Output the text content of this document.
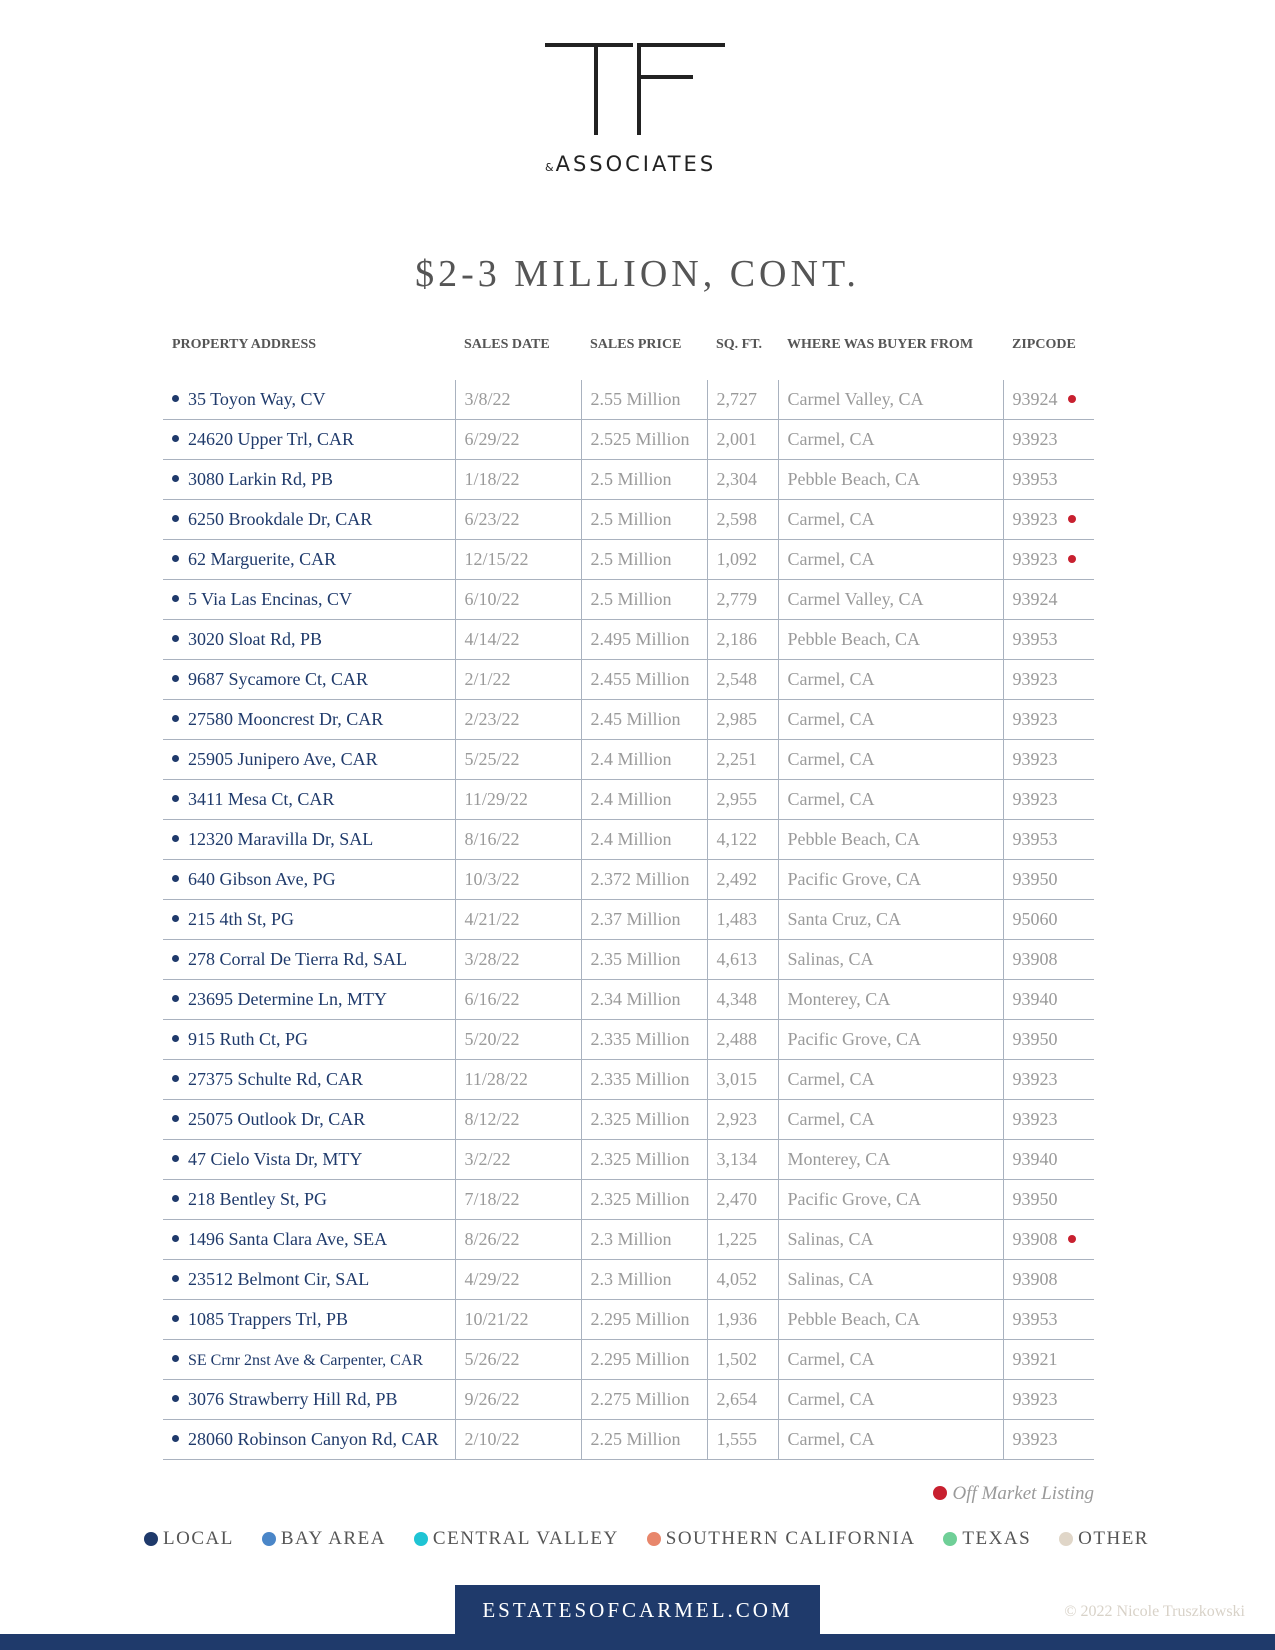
&ASSOCIATES
$2-3 MILLION, CONT.
PROPERTY ADDRESS	SALES DATE	SALES PRICE	SQ. FT.	WHERE WAS BUYER FROM	ZIPCODE
35 Toyon Way, CV	3/8/22	2.55 Million	2,727	Carmel Valley, CA	93924
24620 Upper Trl, CAR	6/29/22	2.525 Million	2,001	Carmel, CA	93923
3080 Larkin Rd, PB	1/18/22	2.5 Million	2,304	Pebble Beach, CA	93953
6250 Brookdale Dr, CAR	6/23/22	2.5 Million	2,598	Carmel, CA	93923
62 Marguerite, CAR	12/15/22	2.5 Million	1,092	Carmel, CA	93923
5 Via Las Encinas, CV	6/10/22	2.5 Million	2,779	Carmel Valley, CA	93924
3020 Sloat Rd, PB	4/14/22	2.495 Million	2,186	Pebble Beach, CA	93953
9687 Sycamore Ct, CAR	2/1/22	2.455 Million	2,548	Carmel, CA	93923
27580 Mooncrest Dr, CAR	2/23/22	2.45 Million	2,985	Carmel, CA	93923
25905 Junipero Ave, CAR	5/25/22	2.4 Million	2,251	Carmel, CA	93923
3411 Mesa Ct, CAR	11/29/22	2.4 Million	2,955	Carmel, CA	93923
12320 Maravilla Dr, SAL	8/16/22	2.4 Million	4,122	Pebble Beach, CA	93953
640 Gibson Ave, PG	10/3/22	2.372 Million	2,492	Pacific Grove, CA	93950
215 4th St, PG	4/21/22	2.37 Million	1,483	Santa Cruz, CA	95060
278 Corral De Tierra Rd, SAL	3/28/22	2.35 Million	4,613	Salinas, CA	93908
23695 Determine Ln, MTY	6/16/22	2.34 Million	4,348	Monterey, CA	93940
915 Ruth Ct, PG	5/20/22	2.335 Million	2,488	Pacific Grove, CA	93950
27375 Schulte Rd, CAR	11/28/22	2.335 Million	3,015	Carmel, CA	93923
25075 Outlook Dr, CAR	8/12/22	2.325 Million	2,923	Carmel, CA	93923
47 Cielo Vista Dr, MTY	3/2/22	2.325 Million	3,134	Monterey, CA	93940
218 Bentley St, PG	7/18/22	2.325 Million	2,470	Pacific Grove, CA	93950
1496 Santa Clara Ave, SEA	8/26/22	2.3 Million	1,225	Salinas, CA	93908
23512 Belmont Cir, SAL	4/29/22	2.3 Million	4,052	Salinas, CA	93908
1085 Trappers Trl, PB	10/21/22	2.295 Million	1,936	Pebble Beach, CA	93953
SE Crnr 2nst Ave & Carpenter, CAR	5/26/22	2.295 Million	1,502	Carmel, CA	93921
3076 Strawberry Hill Rd, PB	9/26/22	2.275 Million	2,654	Carmel, CA	93923
28060 Robinson Canyon Rd, CAR	2/10/22	2.25 Million	1,555	Carmel, CA	93923
Off Market Listing
LOCAL BAY AREA CENTRAL VALLEY SOUTHERN CALIFORNIA TEXAS OTHER
ESTATESOFCARMEL.COM	© 2022 Nicole Truszkowski
